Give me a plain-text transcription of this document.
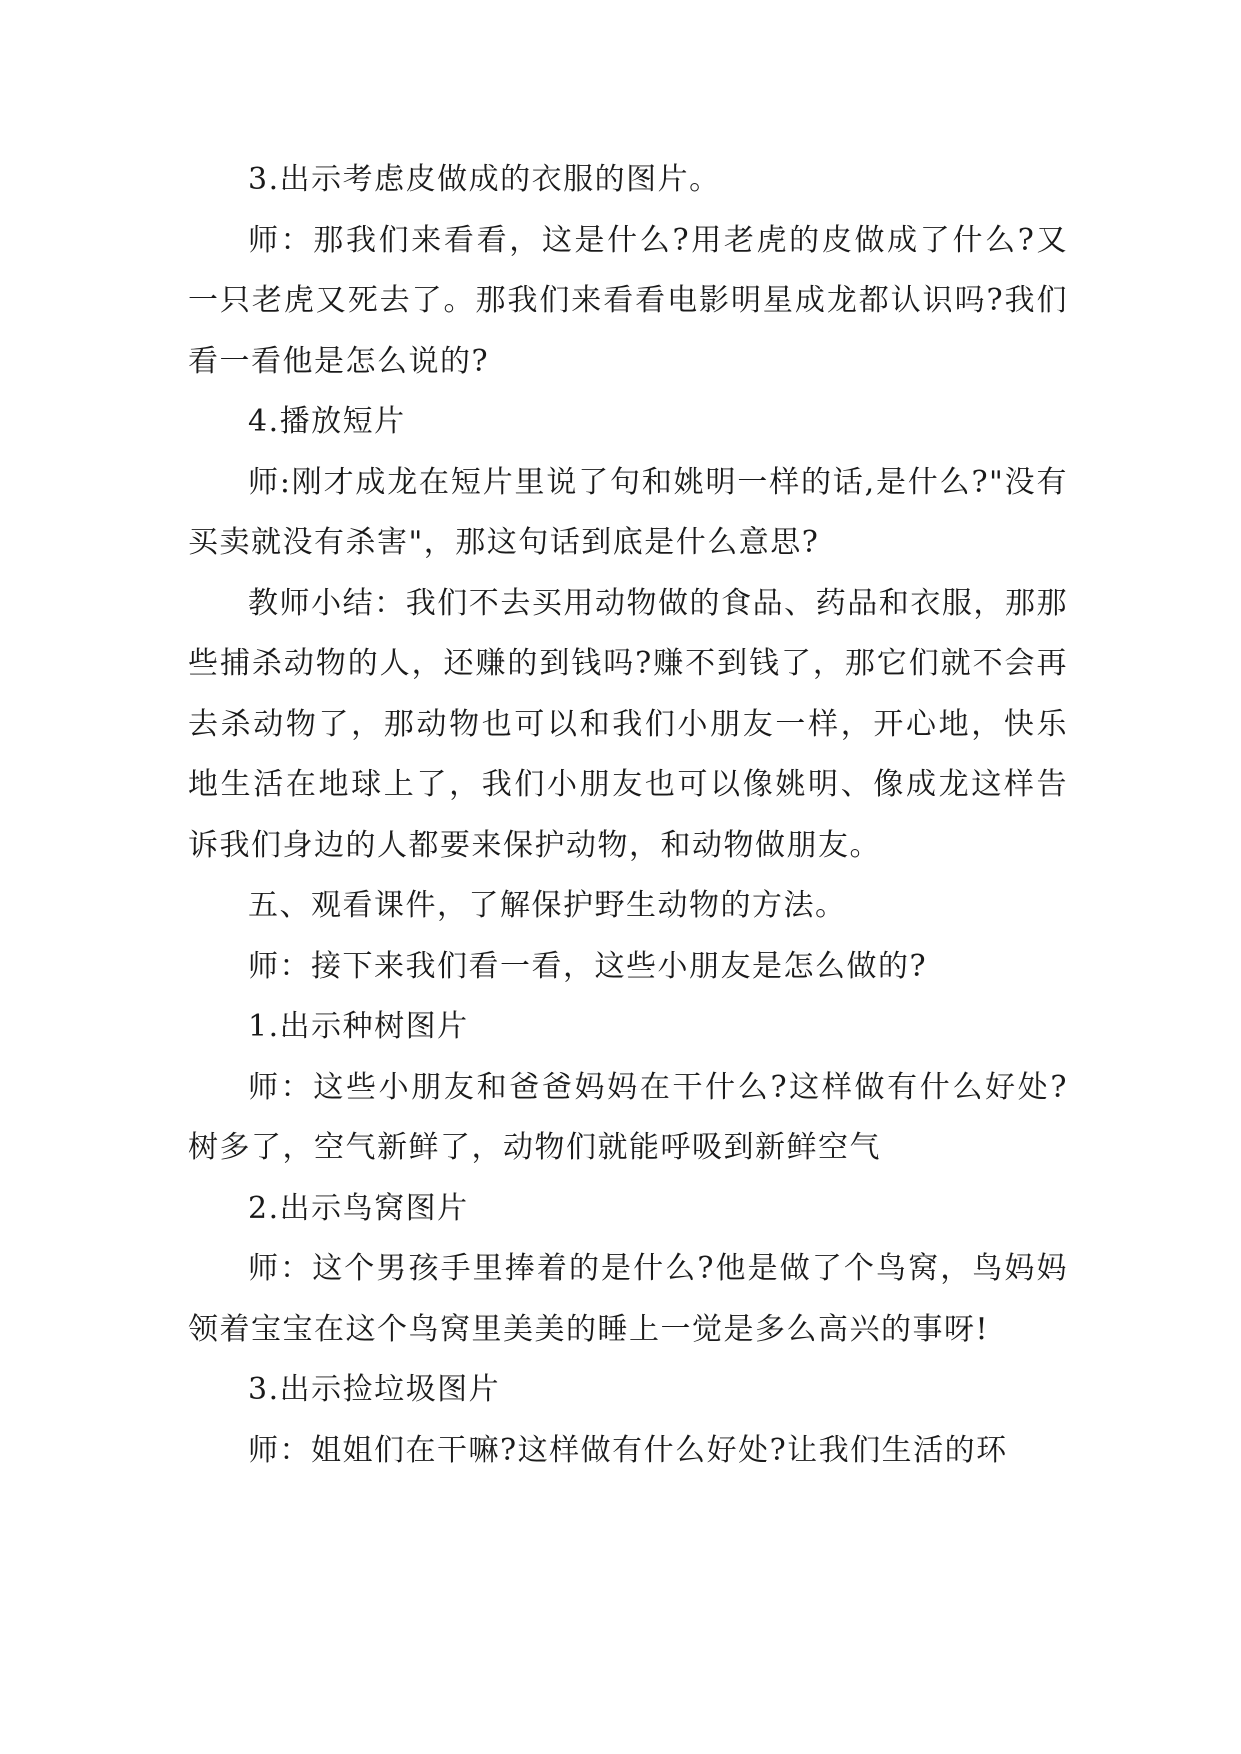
3.出示考虑皮做成的衣服的图片。

师：那我们来看看，这是什么?用老虎的皮做成了什么?又一只老虎又死去了。那我们来看看电影明星成龙都认识吗?我们看一看他是怎么说的?

4.播放短片

师:刚才成龙在短片里说了句和姚明一样的话,是什么?"没有买卖就没有杀害"，那这句话到底是什么意思?

教师小结：我们不去买用动物做的食品、药品和衣服，那那些捕杀动物的人，还赚的到钱吗?赚不到钱了，那它们就不会再去杀动物了，那动物也可以和我们小朋友一样，开心地，快乐地生活在地球上了，我们小朋友也可以像姚明、像成龙这样告诉我们身边的人都要来保护动物，和动物做朋友。

五、观看课件，了解保护野生动物的方法。

师：接下来我们看一看，这些小朋友是怎么做的?

1.出示种树图片

师：这些小朋友和爸爸妈妈在干什么?这样做有什么好处?树多了，空气新鲜了，动物们就能呼吸到新鲜空气

2.出示鸟窝图片

师：这个男孩手里捧着的是什么?他是做了个鸟窝，鸟妈妈领着宝宝在这个鸟窝里美美的睡上一觉是多么高兴的事呀!

3.出示捡垃圾图片

师：姐姐们在干嘛?这样做有什么好处?让我们生活的环
